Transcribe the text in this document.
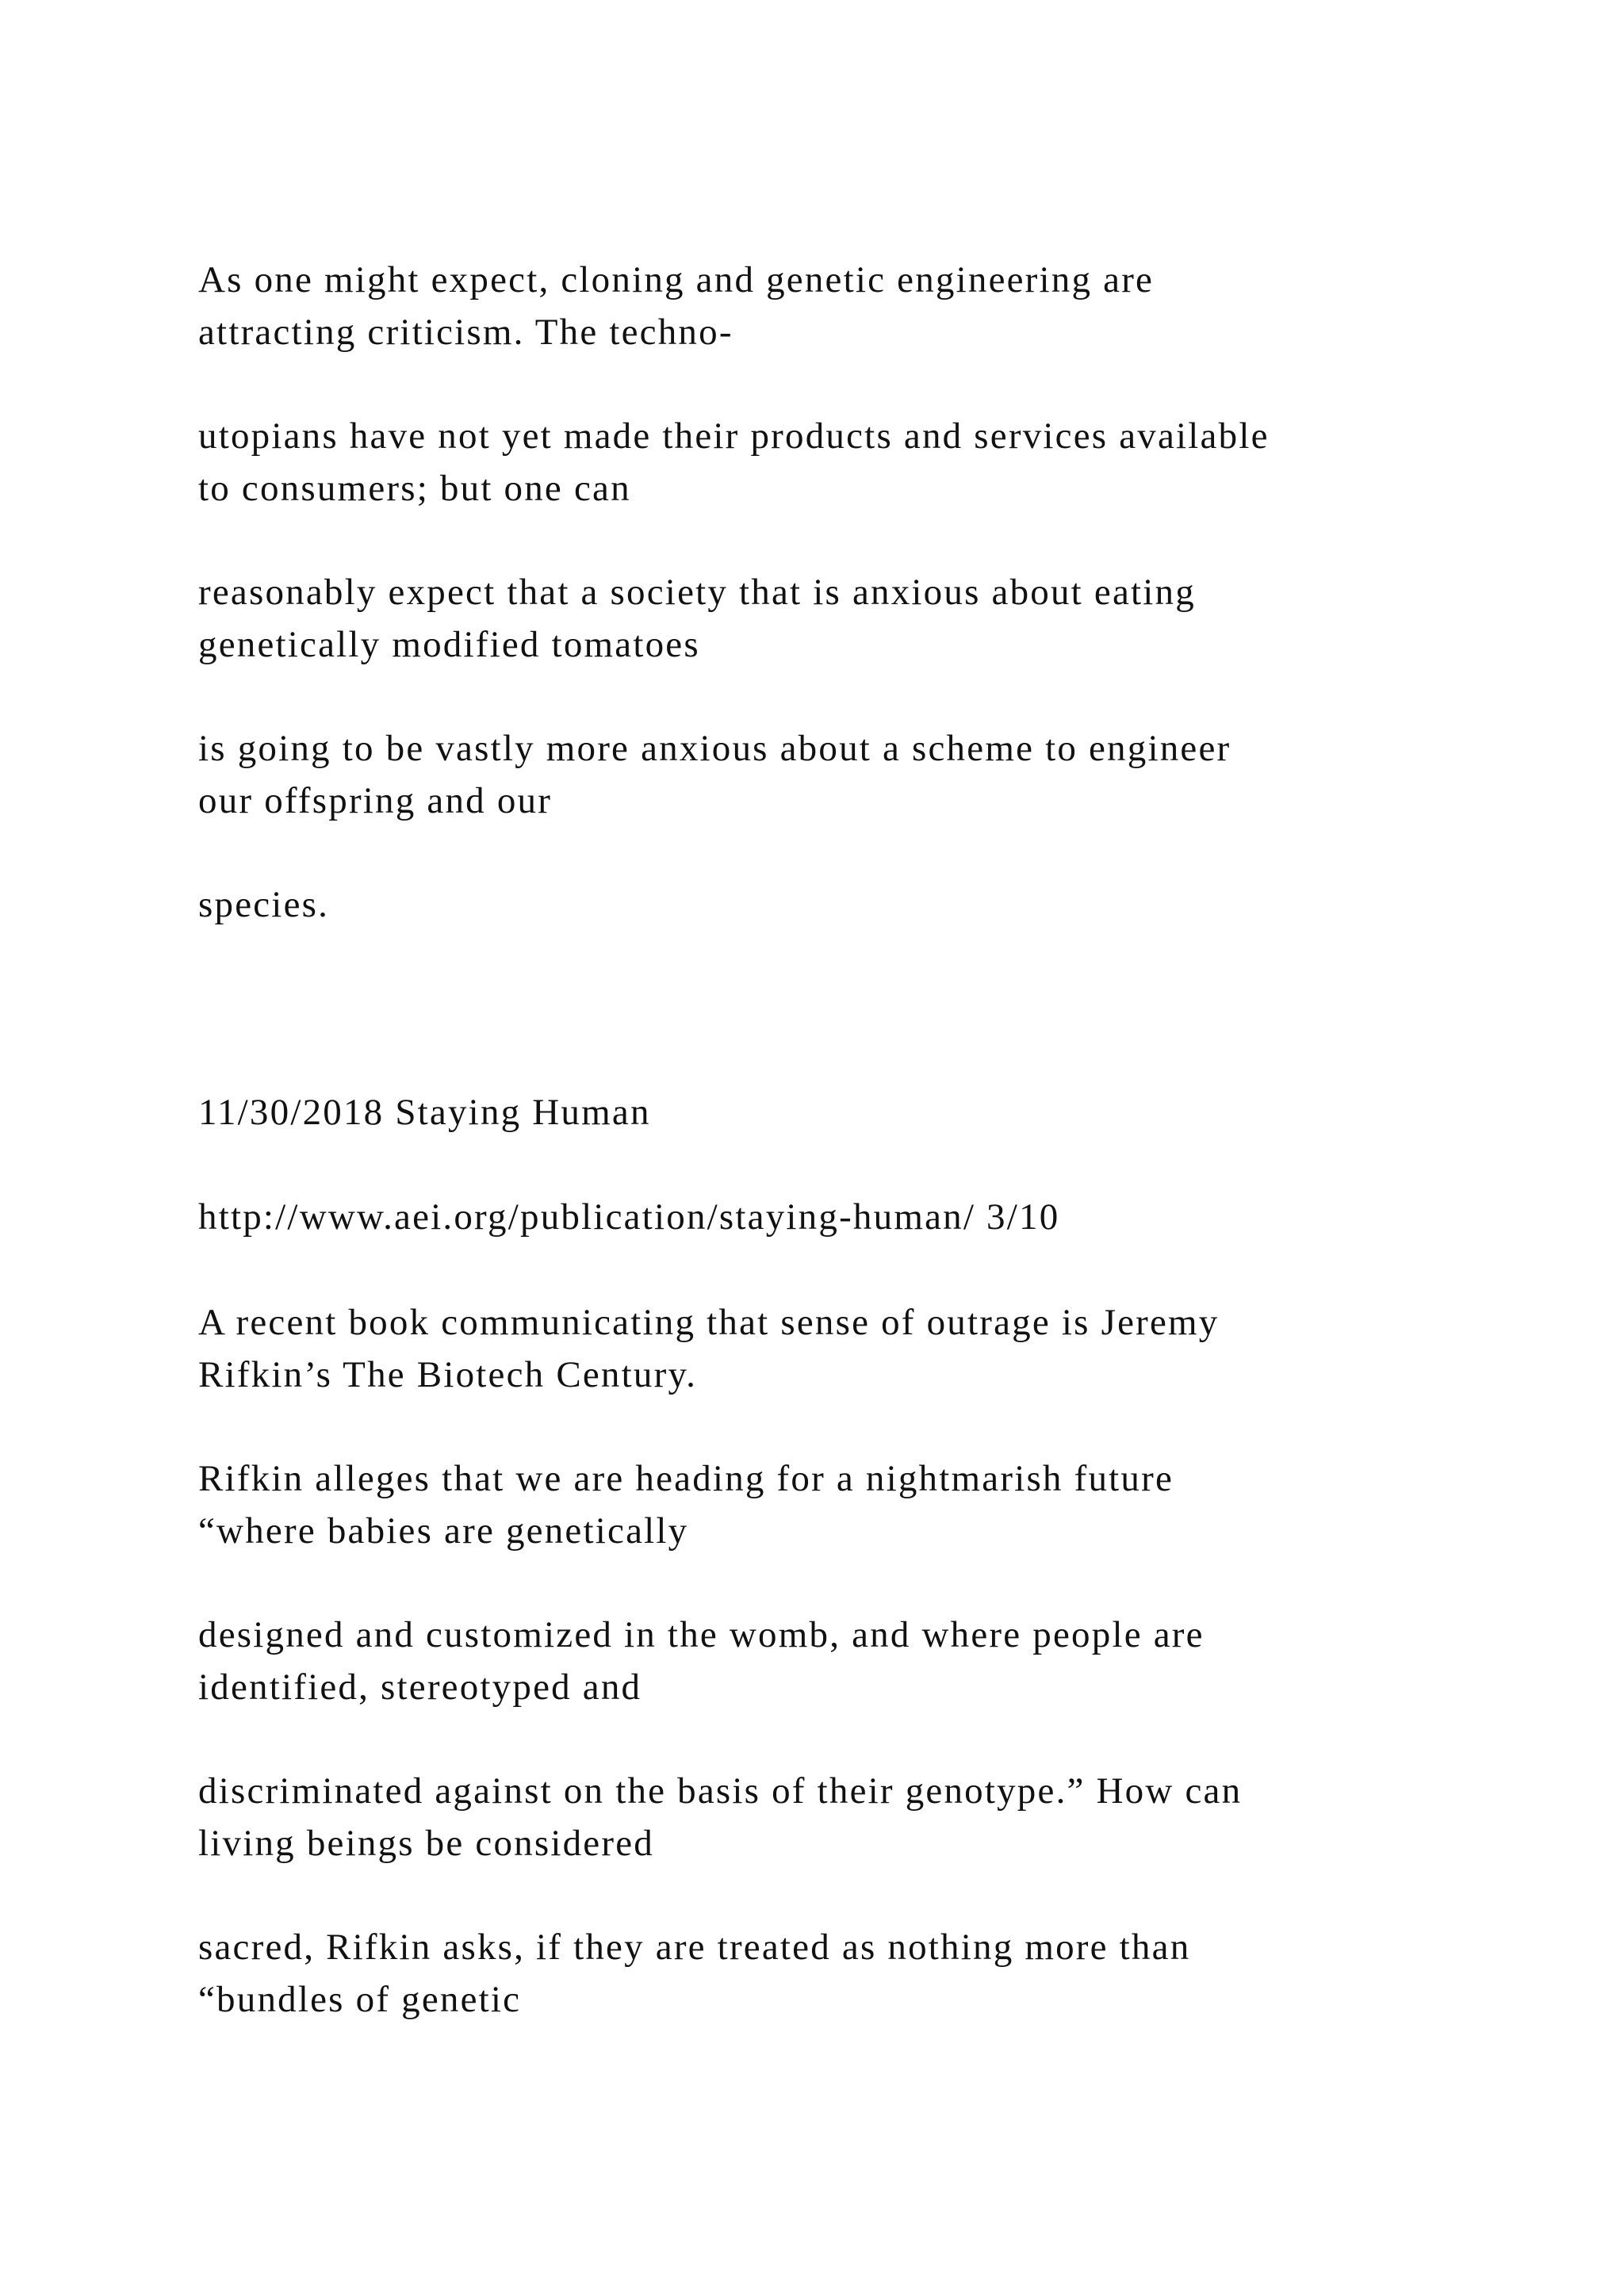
As one might expect, cloning and genetic engineering are
attracting criticism. The techno-

utopians have not yet made their products and services available
to consumers; but one can

reasonably expect that a society that is anxious about eating
genetically modified tomatoes

is going to be vastly more anxious about a scheme to engineer
our offspring and our

species.

11/30/2018 Staying Human

http://www.aei.org/publication/staying-human/ 3/10

A recent book communicating that sense of outrage is Jeremy
Rifkin’s The Biotech Century.

Rifkin alleges that we are heading for a nightmarish future
“where babies are genetically

designed and customized in the womb, and where people are
identified, stereotyped and

discriminated against on the basis of their genotype.” How can
living beings be considered

sacred, Rifkin asks, if they are treated as nothing more than
“bundles of genetic
